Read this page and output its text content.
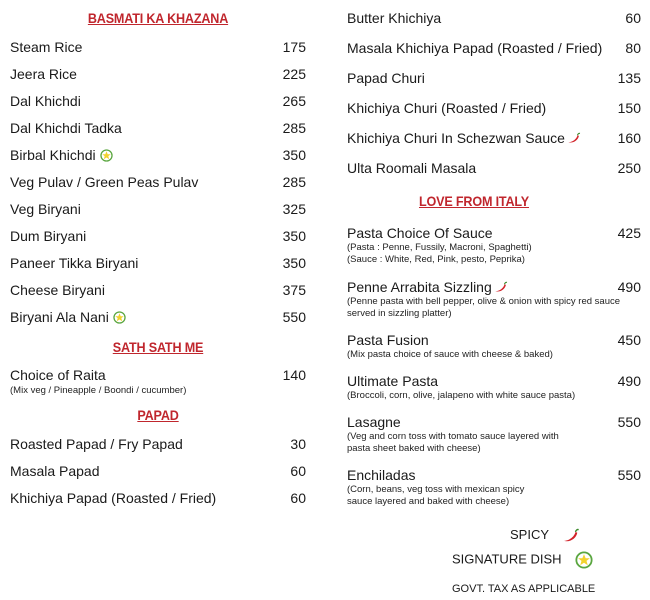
BASMATI KA KHAZANA
Steam Rice	175
Jeera Rice	225
Dal Khichdi	265
Dal Khichdi Tadka	285
Birbal Khichdi	350
Veg Pulav / Green Peas Pulav	285
Veg Biryani	325
Dum Biryani	350
Paneer Tikka Biryani	350
Cheese Biryani	375
Biryani Ala Nani	550
SATH SATH ME
Choice of Raita	140
(Mix veg / Pineapple / Boondi / cucumber)
PAPAD
Roasted Papad / Fry Papad	30
Masala Papad	60
Khichiya Papad (Roasted / Fried)	60
Butter Khichiya	60
Masala Khichiya Papad (Roasted / Fried) 80
Papad Churi	135
Khichiya Churi (Roasted / Fried)	150
Khichiya Churi In Schezwan Sauce	160
Ulta Roomali Masala	250
LOVE FROM ITALY
Pasta Choice Of Sauce	425
(Pasta : Penne, Fussily, Macroni, Spaghetti)
(Sauce : White, Red, Pink, pesto, Peprika)
Penne Arrabita Sizzling	490
(Penne pasta with bell pepper, olive & onion with spicy red sauce
served in sizzling platter)
Pasta Fusion	450
(Mix pasta choice of sauce with cheese & baked)
Ultimate Pasta	490
(Broccoli, corn, olive, jalapeno with white sauce pasta)
Lasagne	550
(Veg and corn toss with tomato sauce layered with
pasta sheet baked with cheese)
Enchiladas	550
(Corn, beans, veg toss with mexican spicy
sauce layered and baked with cheese)
SPICY
SIGNATURE DISH
GOVT. TAX AS APPLICABLE
